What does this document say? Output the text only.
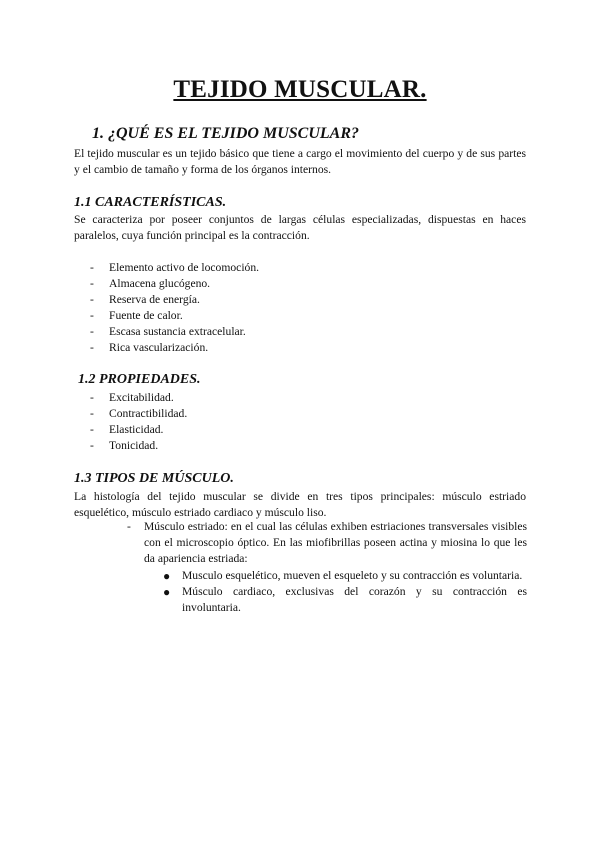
TEJIDO MUSCULAR.
1. ¿QUÉ ES EL TEJIDO MUSCULAR?
El tejido muscular es un tejido básico que tiene a cargo el movimiento del cuerpo y de sus partes y el cambio de tamaño y forma de los órganos internos.
1.1 CARACTERÍSTICAS.
Se caracteriza por poseer conjuntos de largas células especializadas, dispuestas en haces paralelos, cuya función principal es la contracción.
- Elemento activo de locomoción.
- Almacena glucógeno.
- Reserva de energía.
- Fuente de calor.
- Escasa sustancia extracelular.
- Rica vascularización.
1.2 PROPIEDADES.
- Excitabilidad.
- Contractibilidad.
- Elasticidad.
- Tonicidad.
1.3 TIPOS DE MÚSCULO.
La histología del tejido muscular se divide en tres tipos principales: músculo estriado esquelético, músculo estriado cardiaco y músculo liso.
- Músculo estriado: en el cual las células exhiben estriaciones transversales visibles con el microscopio óptico. En las miofibrillas poseen actina y miosina lo que les da apariencia estriada:
● Musculo esquelético, mueven el esqueleto y su contracción es voluntaria.
● Músculo cardiaco, exclusivas del corazón y su contracción es involuntaria.
